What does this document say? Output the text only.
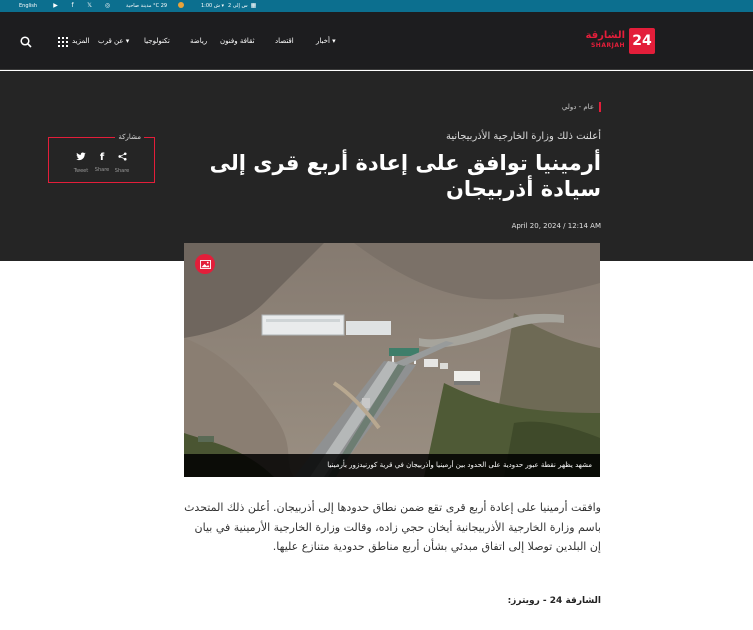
English	▶	f	𝕏 ◎	مدينة صاحية °C 29	ش 1:00 ▾ 2 س إلى ▦
24
الشارقة
SHARJAH
أخبار ▾
اقتصاد
ثقافة وفنون
رياضة
تكنولوجيا
عن قرب ▾
المزيد
عام - دولي
أعلنت ذلك وزارة الخارجية الأذربيجانية
أرمينيا توافق على إعادة أربع قرى إلى سيادة أذربيجان
April 20, 2024 / 12:14 AM
مشاركة
Share
f
Share
Tweet
مشهد يظهر نقطة عبور حدودية على الحدود بين أرمينيا وأذربيجان في قرية كورنيدزور بأرمينيا
وافقت أرمينيا على إعادة أربع قرى تقع ضمن نطاق حدودها إلى أذربيجان. أعلن ذلك المتحدث باسم وزارة الخارجية الأذربيجانية أيخان حجي زاده، وقالت وزارة الخارجية الأرمينية في بيان إن البلدين توصلا إلى اتفاق مبدئي بشأن أربع مناطق حدودية متنازع عليها.
الشارقة 24 - رويترز:
